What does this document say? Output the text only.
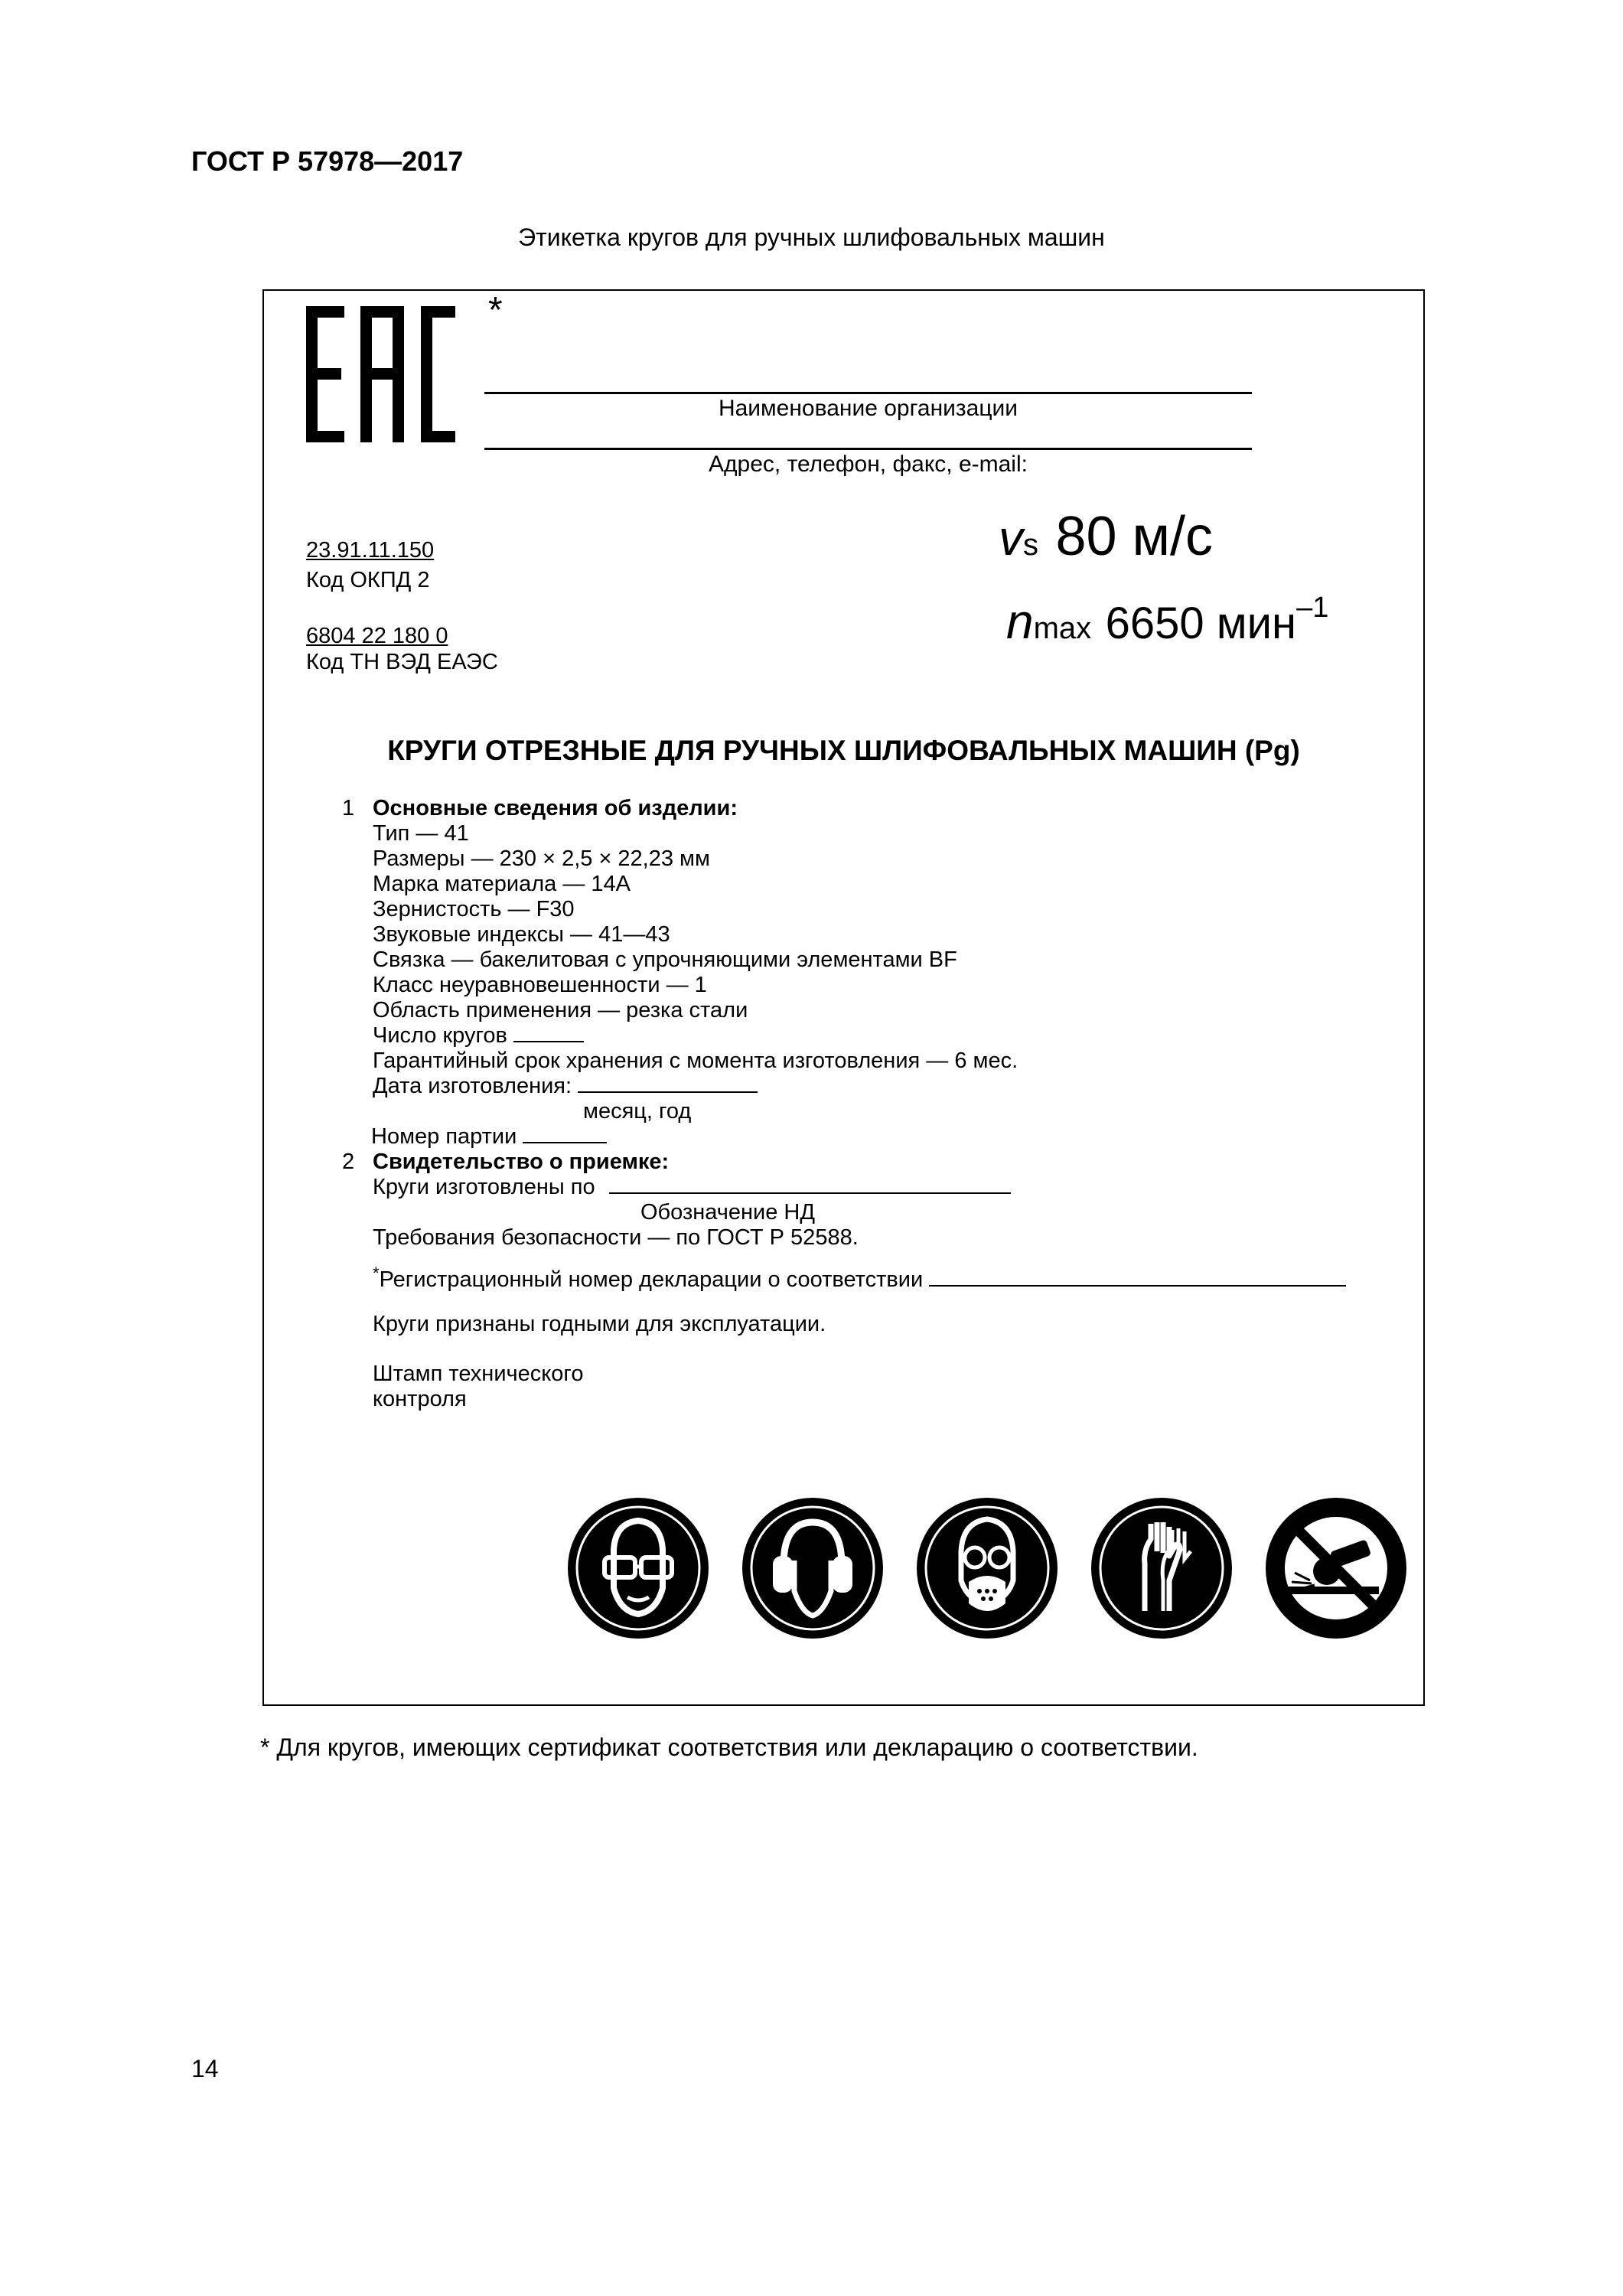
ГОСТ Р 57978—2017
Этикетка кругов для ручных шлифовальных машин
*
Наименование организации
Адрес, телефон, факс, e-mail:
23.91.11.150
Код ОКПД 2
6804 22 180 0
Код ТН ВЭД ЕАЭС
vs 80 м/с
nmax 6650 мин–1
КРУГИ ОТРЕЗНЫЕ ДЛЯ РУЧНЫХ ШЛИФОВАЛЬНЫХ МАШИН (Pg)
1 Основные сведения об изделии:
Тип — 41
Размеры — 230 × 2,5 × 22,23 мм
Марка материала — 14А
Зернистость — F30
Звуковые индексы — 41—43
Связка — бакелитовая с упрочняющими элементами BF
Класс неуравновешенности — 1
Область применения — резка стали
Число кругов
Гарантийный срок хранения с момента изготовления — 6 мес.
Дата изготовления:
месяц, год
Номер партии
2 Свидетельство о приемке:
Круги изготовлены по
Обозначение НД
Требования безопасности — по ГОСТ Р 52588.
*Регистрационный номер декларации о соответствии
Круги признаны годными для эксплуатации.
Штамп технического
контроля
* Для кругов, имеющих сертификат соответствия или декларацию о соответствии.
14
